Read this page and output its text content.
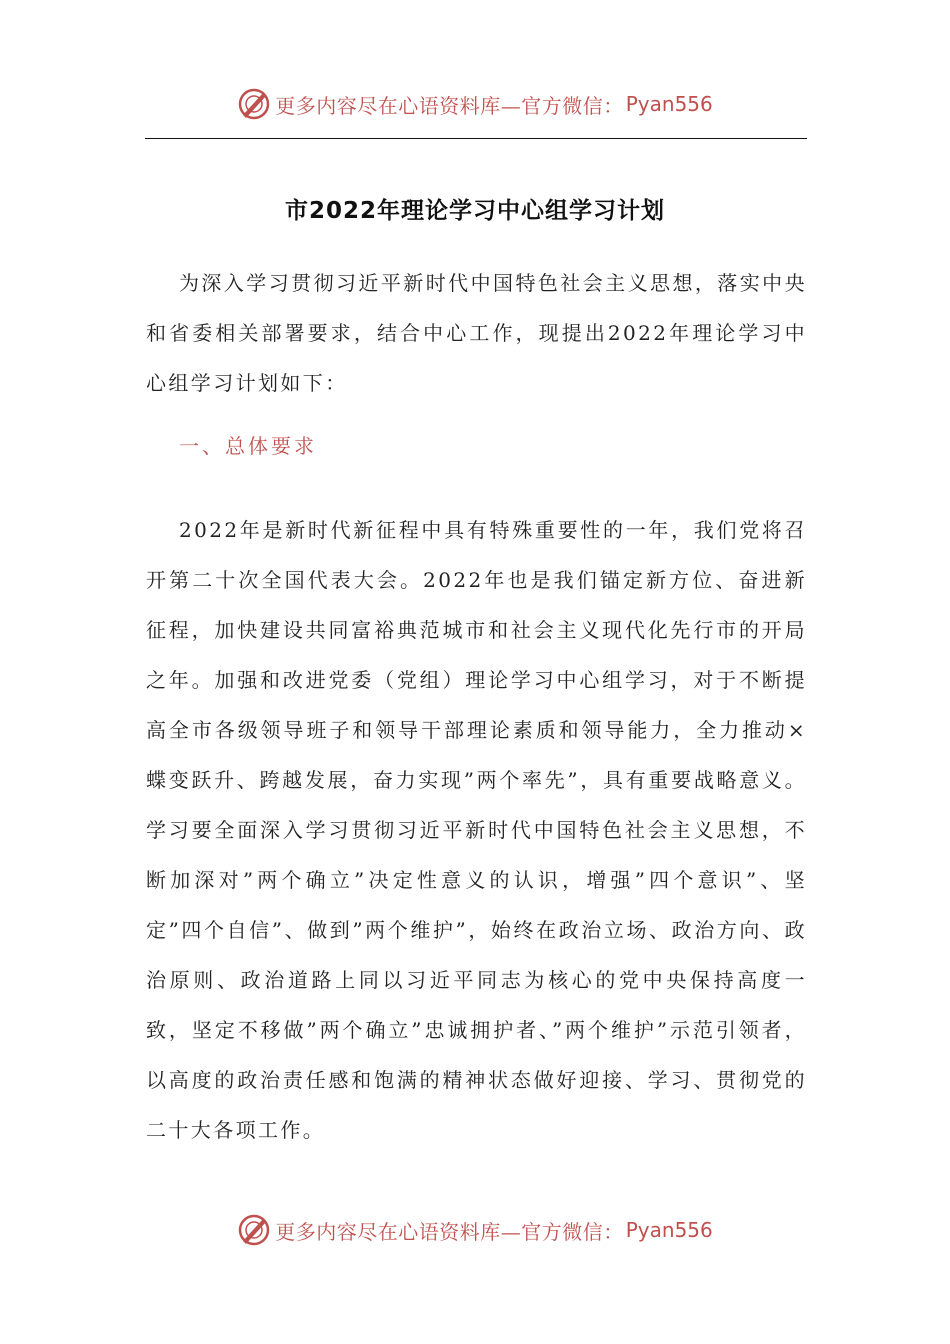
更多内容尽在心语资料库—官方微信： Pyan556
市2022年理论学习中心组学习计划
为深入学习贯彻习近平新时代中国特色社会主义思想，落实中央和省委相关部署要求，结合中心工作，现提出2022年理论学习中心组学习计划如下：
一、总体要求
2022年是新时代新征程中具有特殊重要性的一年，我们党将召开第二十次全国代表大会。2022年也是我们锚定新方位、奋进新征程，加快建设共同富裕典范城市和社会主义现代化先行市的开局之年。加强和改进党委（党组）理论学习中心组学习，对于不断提高全市各级领导班子和领导干部理论素质和领导能力，全力推动×蝶变跃升、跨越发展，奋力实现”两个率先”，具有重要战略意义。学习要全面深入学习贯彻习近平新时代中国特色社会主义思想，不断加深对”两个确立”决定性意义的认识，增强”四个意识”、坚定”四个自信”、做到”两个维护”，始终在政治立场、政治方向、政治原则、政治道路上同以习近平同志为核心的党中央保持高度一致，坚定不移做”两个确立”忠诚拥护者、”两个维护”示范引领者，以高度的政治责任感和饱满的精神状态做好迎接、学习、贯彻党的二十大各项工作。
更多内容尽在心语资料库—官方微信： Pyan556
